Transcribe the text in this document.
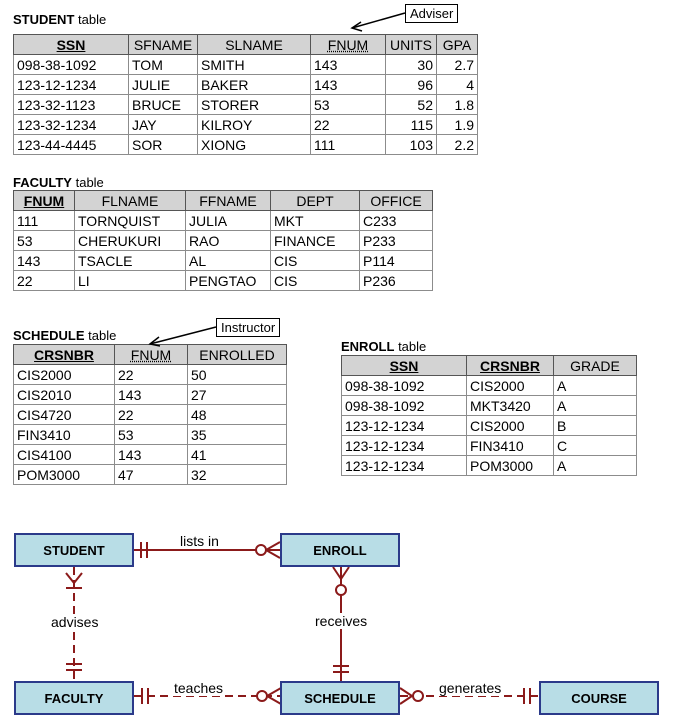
STUDENT table
SSN	SFNAME	SLNAME	FNUM	UNITS	GPA
098-38-1092	TOM	SMITH	143	30	2.7
123-12-1234	JULIE	BAKER	143	96	4
123-32-1123	BRUCE	STORER	53	52	1.8
123-32-1234	JAY	KILROY	22	115	1.9
123-44-4445	SOR	XIONG	111	103	2.2
FACULTY table
FNUM	FLNAME	FFNAME	DEPT	OFFICE
111	TORNQUIST	JULIA	MKT	C233
53	CHERUKURI	RAO	FINANCE	P233
143	TSACLE	AL	CIS	P114
22	LI	PENGTAO	CIS	P236
SCHEDULE table
CRSNBR	FNUM	ENROLLED
CIS2000	22	50
CIS2010	143	27
CIS4720	22	48
FIN3410	53	35
CIS4100	143	41
POM3000	47	32
ENROLL table
SSN	CRSNBR	GRADE
098-38-1092	CIS2000	A
098-38-1092	MKT3420	A
123-12-1234	CIS2000	B
123-12-1234	FIN3410	C
123-12-1234	POM3000	A
Adviser
Instructor
STUDENT	ENROLL
FACULTY	SCHEDULE	COURSE
lists in
advises	receives
teaches	generates
